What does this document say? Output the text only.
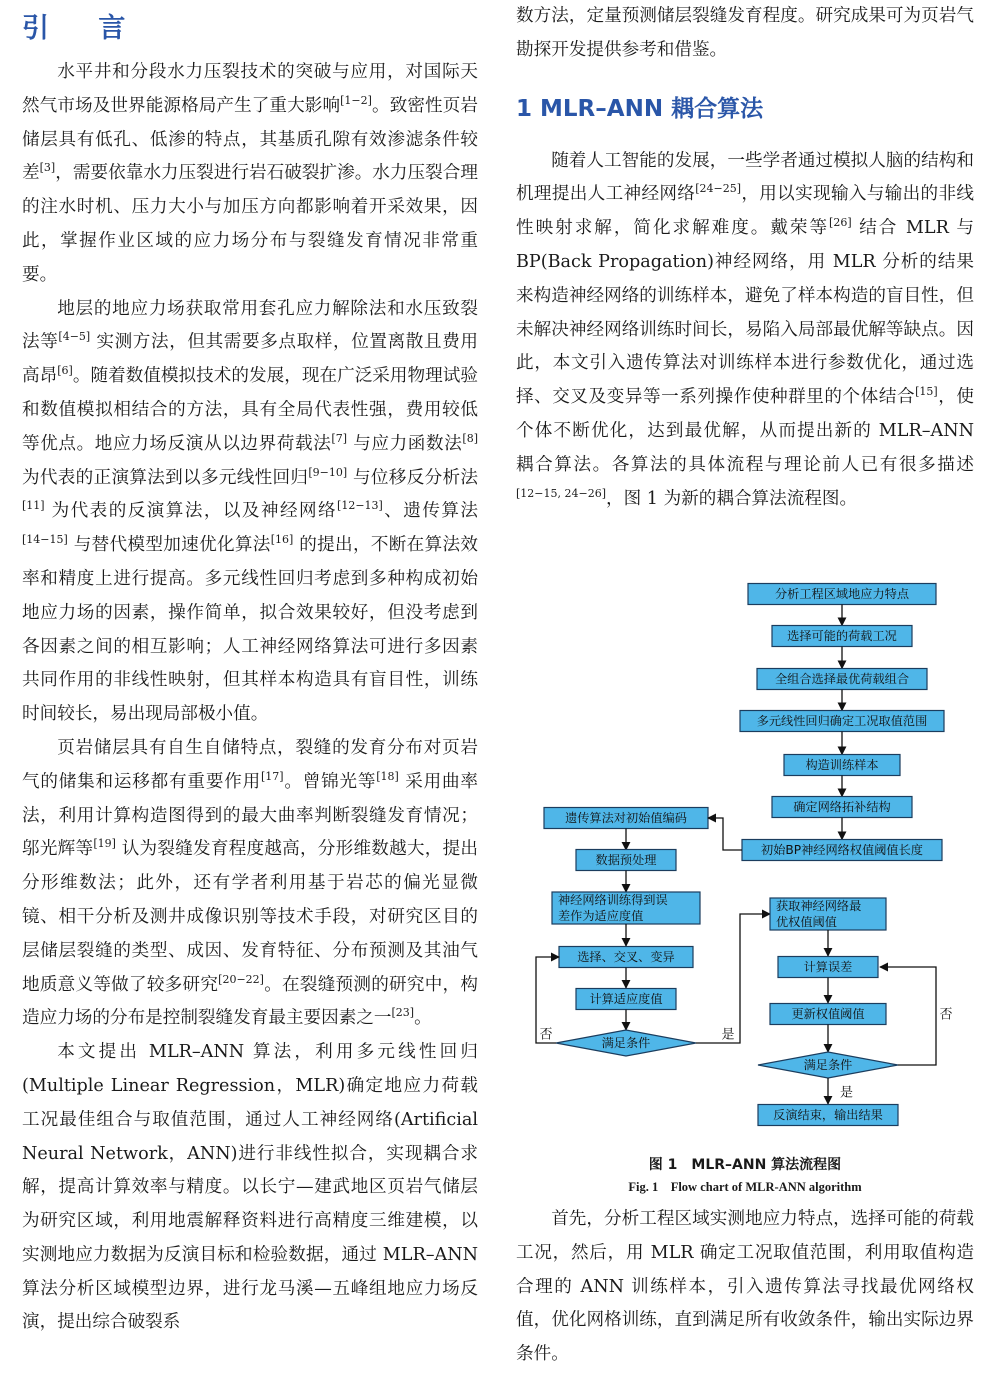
引 言

水平井和分段水力压裂技术的突破与应用，对国际天然气市场及世界能源格局产生了重大影响[1−2]。致密性页岩储层具有低孔、低渗的特点，其基质孔隙有效渗滤条件较差[3]，需要依靠水力压裂进行岩石破裂扩渗。水力压裂合理的注水时机、压力大小与加压方向都影响着开采效果，因此，掌握作业区域的应力场分布与裂缝发育情况非常重要。

地层的地应力场获取常用套孔应力解除法和水压致裂法等[4−5] 实测方法，但其需要多点取样，位置离散且费用高昂[6]。随着数值模拟技术的发展，现在广泛采用物理试验和数值模拟相结合的方法，具有全局代表性强，费用较低等优点。地应力场反演从以边界荷载法[7] 与应力函数法[8] 为代表的正演算法到以多元线性回归[9−10] 与位移反分析法[11] 为代表的反演算法，以及神经网络[12−13]、遗传算法[14−15] 与替代模型加速优化算法[16] 的提出，不断在算法效率和精度上进行提高。多元线性回归考虑到多种构成初始地应力场的因素，操作简单，拟合效果较好，但没考虑到各因素之间的相互影响；人工神经网络算法可进行多因素共同作用的非线性映射，但其样本构造具有盲目性，训练时间较长，易出现局部极小值。

页岩储层具有自生自储特点，裂缝的发育分布对页岩气的储集和运移都有重要作用[17]。曾锦光等[18] 采用曲率法，利用计算构造图得到的最大曲率判断裂缝发育情况；邬光辉等[19] 认为裂缝发育程度越高，分形维数越大，提出分形维数法；此外，还有学者利用基于岩芯的偏光显微镜、相干分析及测井成像识别等技术手段，对研究区目的层储层裂缝的类型、成因、发育特征、分布预测及其油气地质意义等做了较多研究[20−22]。在裂缝预测的研究中，构造应力场的分布是控制裂缝发育最主要因素之一[23]。

本文提出 MLR–ANN 算法，利用多元线性回归(Multiple Linear Regression，MLR)确定地应力荷载工况最佳组合与取值范围，通过人工神经网络(Artificial Neural Network，ANN)进行非线性拟合，实现耦合求解，提高计算效率与精度。以长宁—建武地区页岩气储层为研究区域，利用地震解释资料进行高精度三维建模，以实测地应力数据为反演目标和检验数据，通过 MLR–ANN 算法分析区域模型边界，进行龙马溪—五峰组地应力场反演，提出综合破裂系

数方法，定量预测储层裂缝发育程度。研究成果可为页岩气勘探开发提供参考和借鉴。

1 MLR–ANN 耦合算法

随着人工智能的发展，一些学者通过模拟人脑的结构和机理提出人工神经网络[24−25]，用以实现输入与输出的非线性映射求解，简化求解难度。戴荣等[26] 结合 MLR 与 BP(Back Propagation)神经网络，用 MLR 分析的结果来构造神经网络的训练样本，避免了样本构造的盲目性，但未解决神经网络训练时间长，易陷入局部最优解等缺点。因此，本文引入遗传算法对训练样本进行参数优化，通过选择、交叉及变异等一系列操作使种群里的个体结合[15]，使个体不断优化，达到最优解，从而提出新的 MLR–ANN 耦合算法。各算法的具体流程与理论前人已有很多描述[12−15, 24−26]，图 1 为新的耦合算法流程图。

分析工程区域地应力特点
选择可能的荷载工况
全组合选择最优荷载组合
多元线性回归确定工况取值范围
构造训练样本
确定网络拓补结构
初始BP神经网络权值阈值长度
遗传算法对初始值编码
数据预处理
神经网络训练得到误
差作为适应度值
选择、交叉、变异
计算适应度值
满足条件
否	是
获取神经网络最
优权值阈值
计算误差
更新权值阈值
满足条件
否
是
反演结束，输出结果
图 1　MLR–ANN 算法流程图
Fig. 1　Flow chart of MLR-ANN algorithm

首先，分析工程区域实测地应力特点，选择可能的荷载工况，然后，用 MLR 确定工况取值范围，利用取值构造合理的 ANN 训练样本，引入遗传算法寻找最优网络权值，优化网格训练，直到满足所有收敛条件，输出实际边界条件。
